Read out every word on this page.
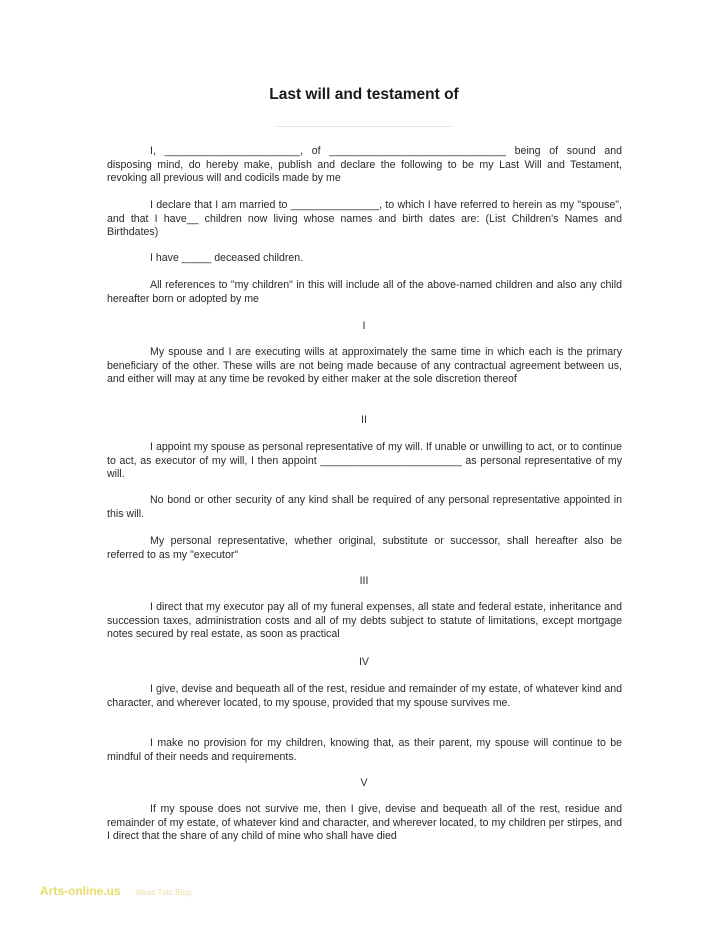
Last will and testament of

I, _______________________, of ______________________________ being of sound and disposing mind, do hereby make, publish and declare the following to be my Last Will and Testament, revoking all previous will and codicils made by me

I declare that I am married to _______________, to which I have referred to herein as my "spouse", and that I have__ children now living whose names and birth dates are: (List Children's Names and Birthdates)

I have _____ deceased children.

All references to "my children" in this will include all of the above-named children and also any child hereafter born or adopted by me

I

My spouse and I are executing wills at approximately the same time in which each is the primary beneficiary of the other. These wills are not being made because of any contractual agreement between us, and either will may at any time be revoked by either maker at the sole discretion thereof

II

I appoint my spouse as personal representative of my will. If unable or unwilling to act, or to continue to act, as executor of my will, I then appoint ________________________ as personal representative of my will.

No bond or other security of any kind shall be required of any personal representative appointed in this will.

My personal representative, whether original, substitute or successor, shall hereafter also be referred to as my "executor"

III

I direct that my executor pay all of my funeral expenses, all state and federal estate, inheritance and succession taxes, administration costs and all of my debts subject to statute of limitations, except mortgage notes secured by real estate, as soon as practical

IV

I give, devise and bequeath all of the rest, residue and remainder of my estate, of whatever kind and character, and wherever located, to my spouse, provided that my spouse survives me.

I make no provision for my children, knowing that, as their parent, my spouse will continue to be mindful of their needs and requirements.

V

If my spouse does not survive me, then I give, devise and bequeath all of the rest, residue and remainder of my estate, of whatever kind and character, and wherever located, to my children per stirpes, and I direct that the share of any child of mine who shall have died

Arts-online.us Ideas Tuts Blog
